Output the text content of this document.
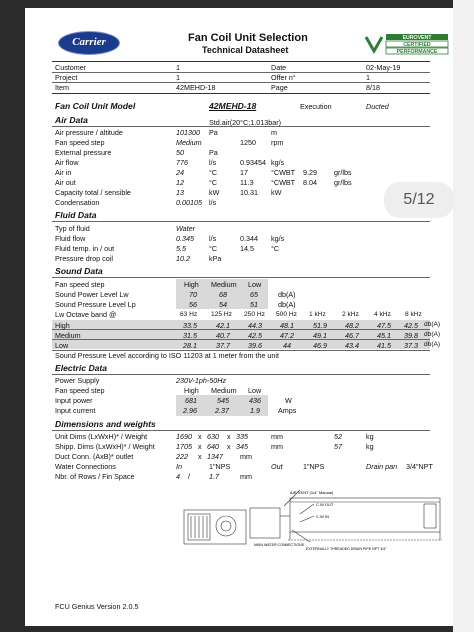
Carrier	Fan Coil Unit Selection
Technical Datasheet
EUROVENT
CERTIFIED
PERFORMANCE
Customer	1	Date	02-May-19
Project	1	Offer n°	1
Item	42MEHD-18	Page	8/18
Fan Coil Unit Model	42MEHD-18	Execution	Ducted
Air Data	Std.air(20°C;1.013bar)
Air pressure / altitude	101300 Pa	m
Fan speed step	Medium	1250 rpm
External pressure	50	Pa
Air flow	776	l/s	0.93454 kg/s
Air in	24	°C	17	°CWBT 9.29 gr/lbs
Air out	12	°C	11.3 °CWBT 8.04 gr/lbs
Capacity total / sensible	13	kW	10.31 kW
Condensation	0.00105 l/s
Fluid Data
Typ of fluid	Water
Fluid flow	0.345 l/s	0.344 kg/s
Fluid temp. in / out	5.5	°C	14.5 °C
Pressure drop coil	10.2	kPa
Sound Data
Fan speed step	High Medium Low
Sound Power Level Lw	70	68	65	db(A)
Sound Pressure Level Lp	56	54	51	db(A)
Lw Octave band @	63 Hz 125 Hz 250 Hz 500 Hz 1 kHz 2 kHz 4 kHz 8 kHz
High	33.5	42.1	44.3	48.1	51.9	48.2	47.5 42.5 db(A)
Medium	31.5	40.7	42.5	47.2	49.1	46.7	45.1 39.8 db(A)
Low	28.1	37.7	39.6	44	46.9	43.4	41.5 37.3 db(A)
Sound Pressure Level according to ISO 11203 at 1 meter from the unit
Electric Data
Power Supply	230V-1ph-50Hz
Fan speed step	High Medium Low
Input power	681	545	436	W
Input current	2.96	2.37	1.9	Amps
Dimensions and weights
Unit Dims (LxWxH)* / Weight	1690 x 630 x 335	mm	52	kg
Shipp. Dims (LxWxH)* / Weight	1705 x 640 x 345	mm	57	kg
Duct Conn. (AxB)* outlet	222 x 1347 mm
Water Connections	In	1"NPS	Out	1"NPS	Drain pan 3/4"NPT
Nbr. of Rows / Fin Space	4 /	1.7	mm
AIR VENT (1/4" Manual)
C.W OUT
C.W IN
MAIN WATER CONNECTIONS
EXTERNALLY THREADED DRAIN PIPE NPT 3/4"
FCU Genius Version 2.0.5
5/12
